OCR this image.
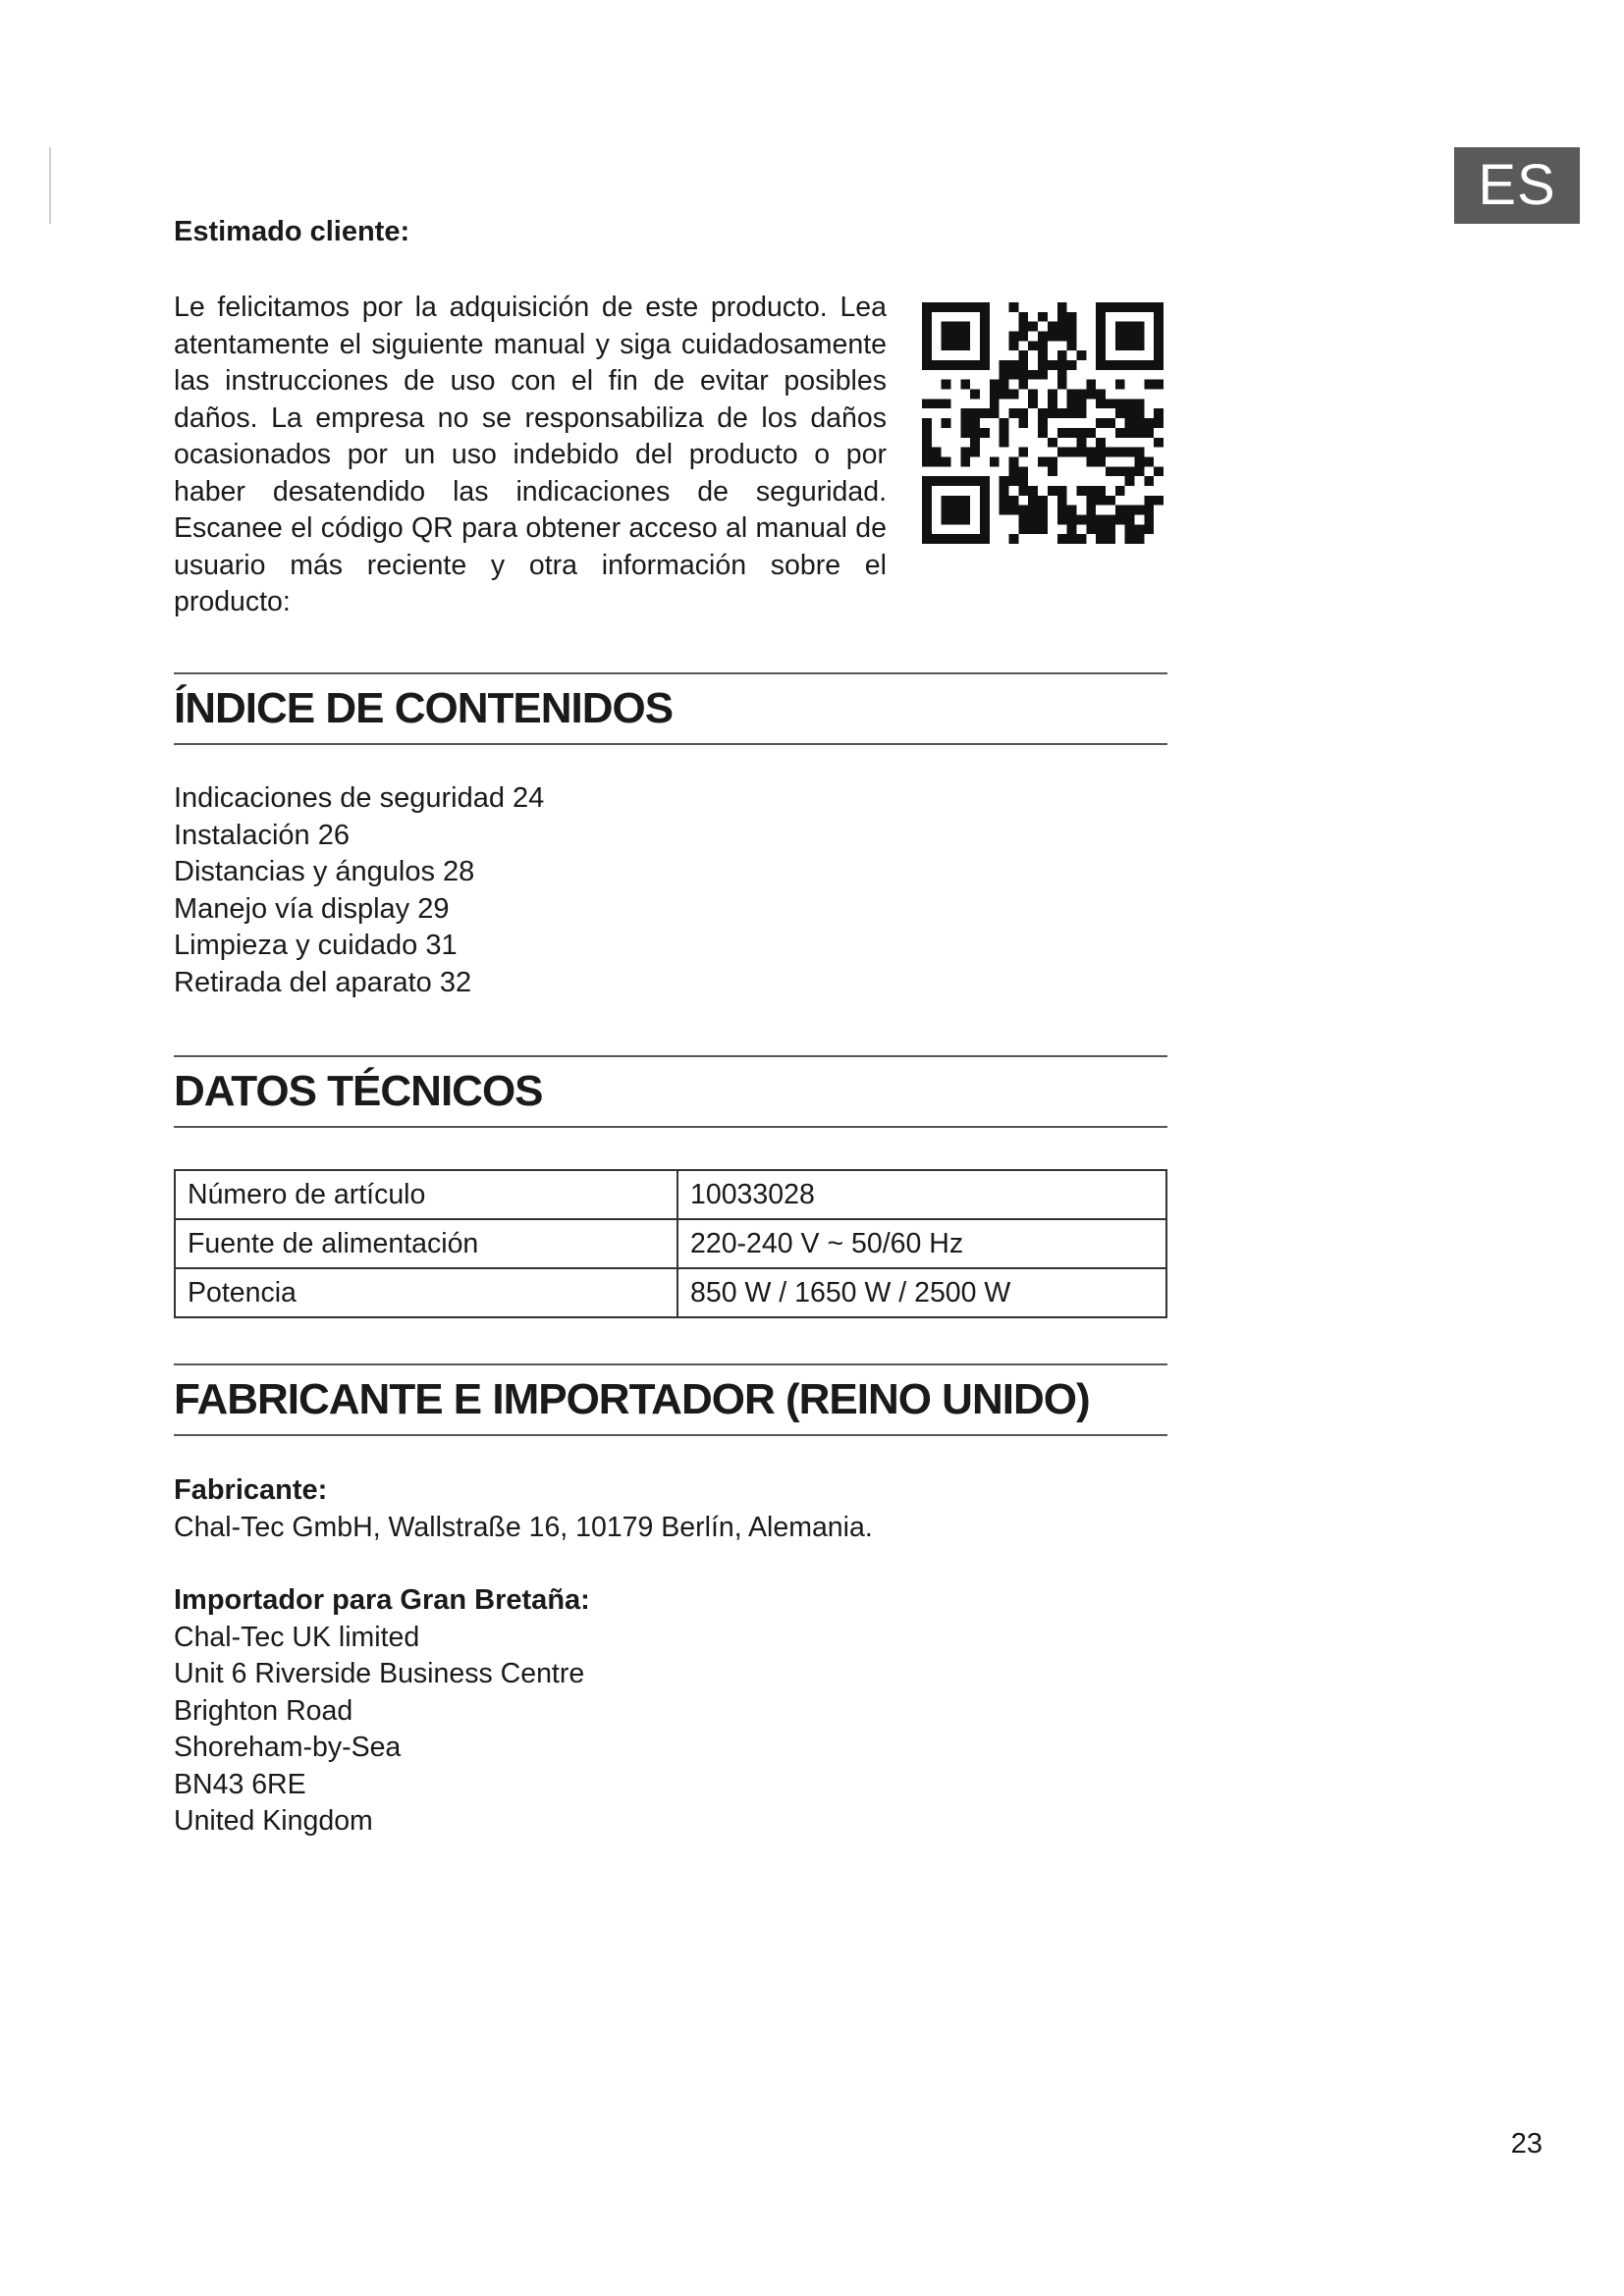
ES
Estimado cliente:

Le felicitamos por la adquisición de este producto. Lea atentamente el siguiente manual y siga cuidadosamente las instrucciones de uso con el fin de evitar posibles daños. La empresa no se responsabiliza de los daños ocasionados por un uso indebido del producto o por haber desatendido las indicaciones de seguridad. Escanee el código QR para obtener acceso al manual de usuario más reciente y otra información sobre el producto:

ÍNDICE DE CONTENIDOS
Indicaciones de seguridad 24
Instalación 26
Distancias y ángulos 28
Manejo vía display 29
Limpieza y cuidado 31
Retirada del aparato 32
DATOS TÉCNICOS
Número de artículo	10033028
Fuente de alimentación	220-240 V ~ 50/60 Hz
Potencia	850 W / 1650 W / 2500 W
FABRICANTE E IMPORTADOR (REINO UNIDO)
Fabricante:
Chal-Tec GmbH, Wallstraße 16, 10179 Berlín, Alemania.
Importador para Gran Bretaña:
Chal-Tec UK limited
Unit 6 Riverside Business Centre
Brighton Road
Shoreham-by-Sea
BN43 6RE
United Kingdom
23
